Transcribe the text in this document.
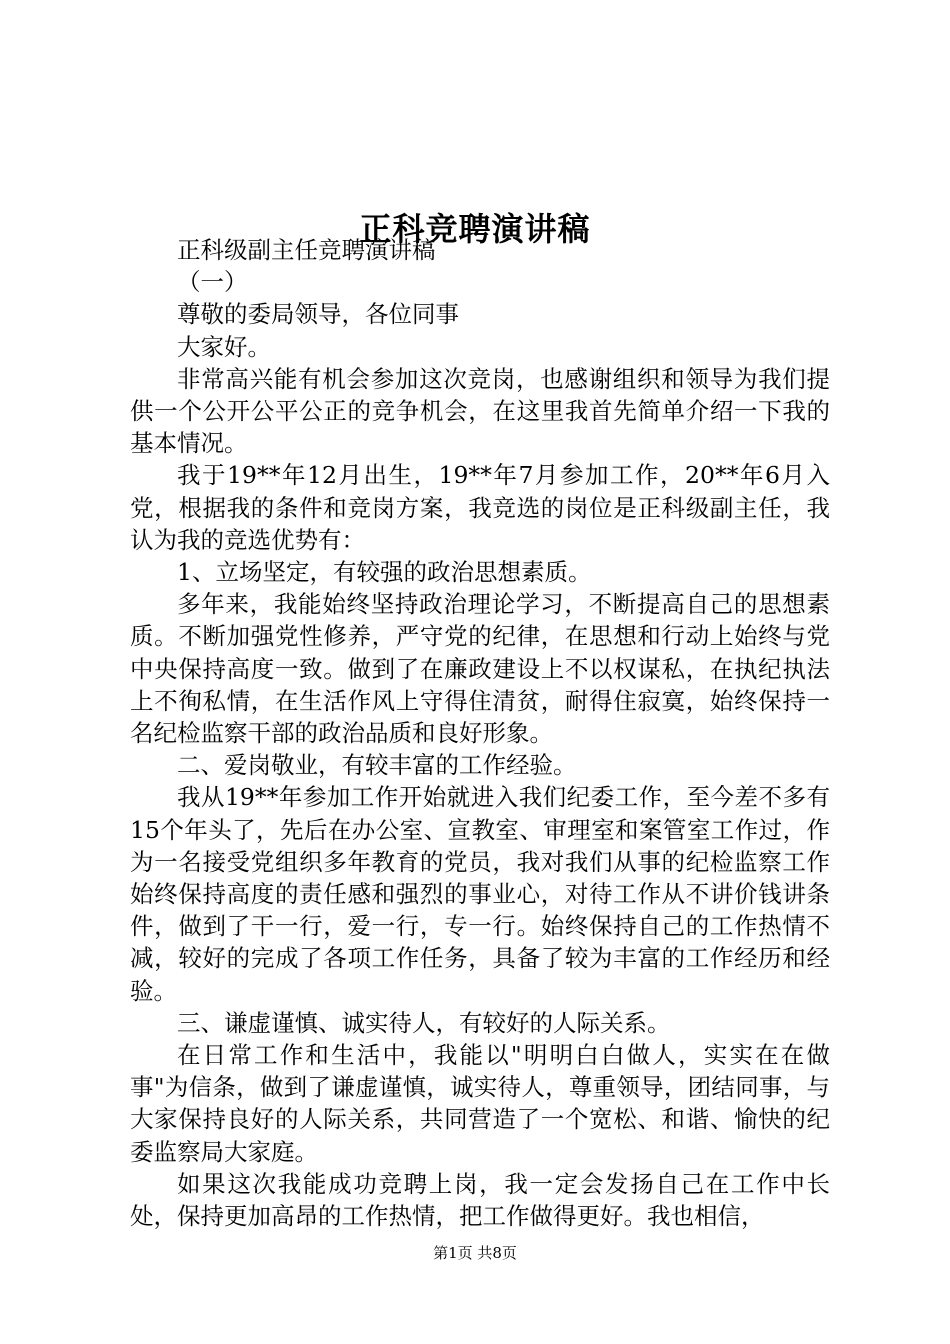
正科竞聘演讲稿

正科级副主任竞聘演讲稿

（一）

尊敬的委局领导，各位同事

大家好。

非常高兴能有机会参加这次竞岗，也感谢组织和领导为我们提供一个公开公平公正的竞争机会，在这里我首先简单介绍一下我的基本情况。

我于19**年12月出生，19**年7月参加工作，20**年6月入党，根据我的条件和竞岗方案，我竞选的岗位是正科级副主任，我认为我的竞选优势有：

1、立场坚定，有较强的政治思想素质。

多年来，我能始终坚持政治理论学习，不断提高自己的思想素质。不断加强党性修养，严守党的纪律，在思想和行动上始终与党中央保持高度一致。做到了在廉政建设上不以权谋私，在执纪执法上不徇私情，在生活作风上守得住清贫，耐得住寂寞，始终保持一名纪检监察干部的政治品质和良好形象。

二、爱岗敬业，有较丰富的工作经验。

我从19**年参加工作开始就进入我们纪委工作，至今差不多有15个年头了，先后在办公室、宣教室、审理室和案管室工作过，作为一名接受党组织多年教育的党员，我对我们从事的纪检监察工作始终保持高度的责任感和强烈的事业心，对待工作从不讲价钱讲条件，做到了干一行，爱一行，专一行。始终保持自己的工作热情不减，较好的完成了各项工作任务，具备了较为丰富的工作经历和经验。

三、谦虚谨慎、诚实待人，有较好的人际关系。

在日常工作和生活中，我能以"明明白白做人，实实在在做事"为信条，做到了谦虚谨慎，诚实待人，尊重领导，团结同事，与大家保持良好的人际关系，共同营造了一个宽松、和谐、愉快的纪委监察局大家庭。

如果这次我能成功竞聘上岗，我一定会发扬自己在工作中长处，保持更加高昂的工作热情，把工作做得更好。我也相信，

第1页 共8页
